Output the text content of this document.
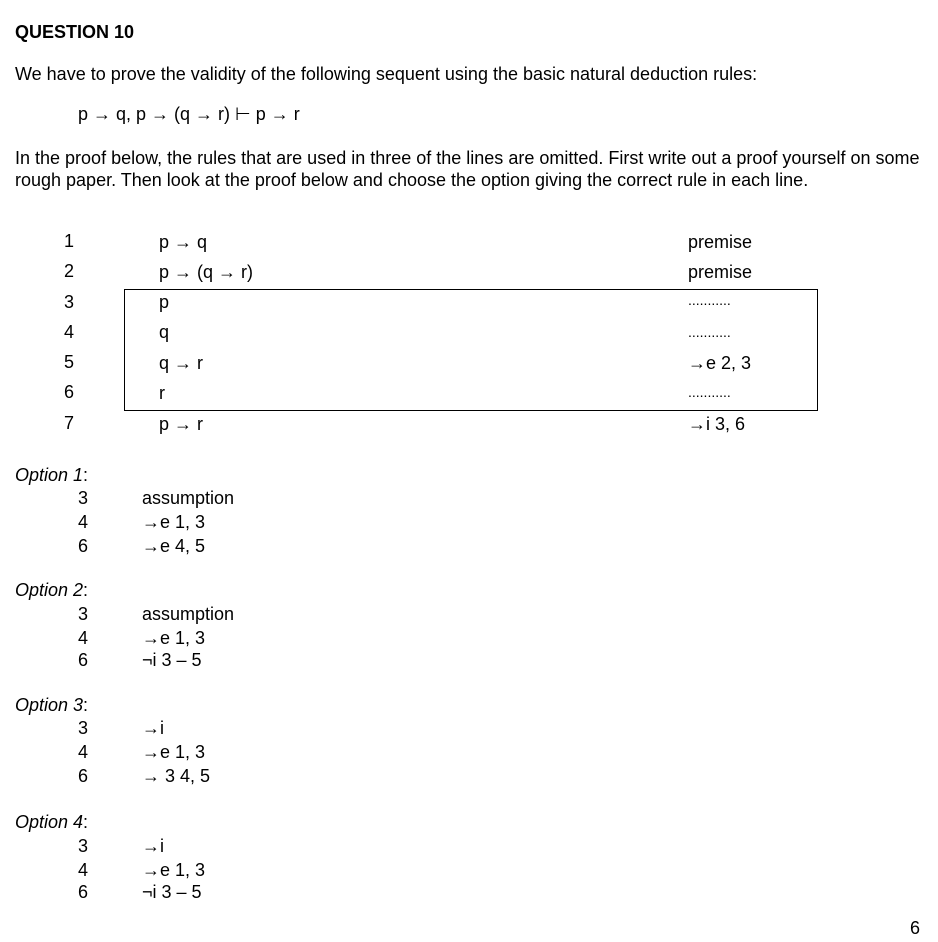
QUESTION 10
We have to prove the validity of the following sequent using the basic natural deduction rules:
p → q, p → (q → r) ⊢ p → r
In the proof below, the rules that are used in three of the lines are omitted. First write out a proof yourself on some rough paper. Then look at the proof below and choose the option giving the correct rule in each line.
1	p → q	premise
2	p → (q → r)	premise
3	p	...........
4	q	...........
5	q → r	→e 2, 3
6	r	...........
7	p → r	→i 3, 6
Option 1:
3	assumption
4	→e 1, 3
6	→e 4, 5
Option 2:
3	assumption
4	→e 1, 3
6	¬i 3 – 5
Option 3:
3	→i
4	→e 1, 3
6	→ 3 4, 5
Option 4:
3	→i
4	→e 1, 3
6	¬i 3 – 5
6
